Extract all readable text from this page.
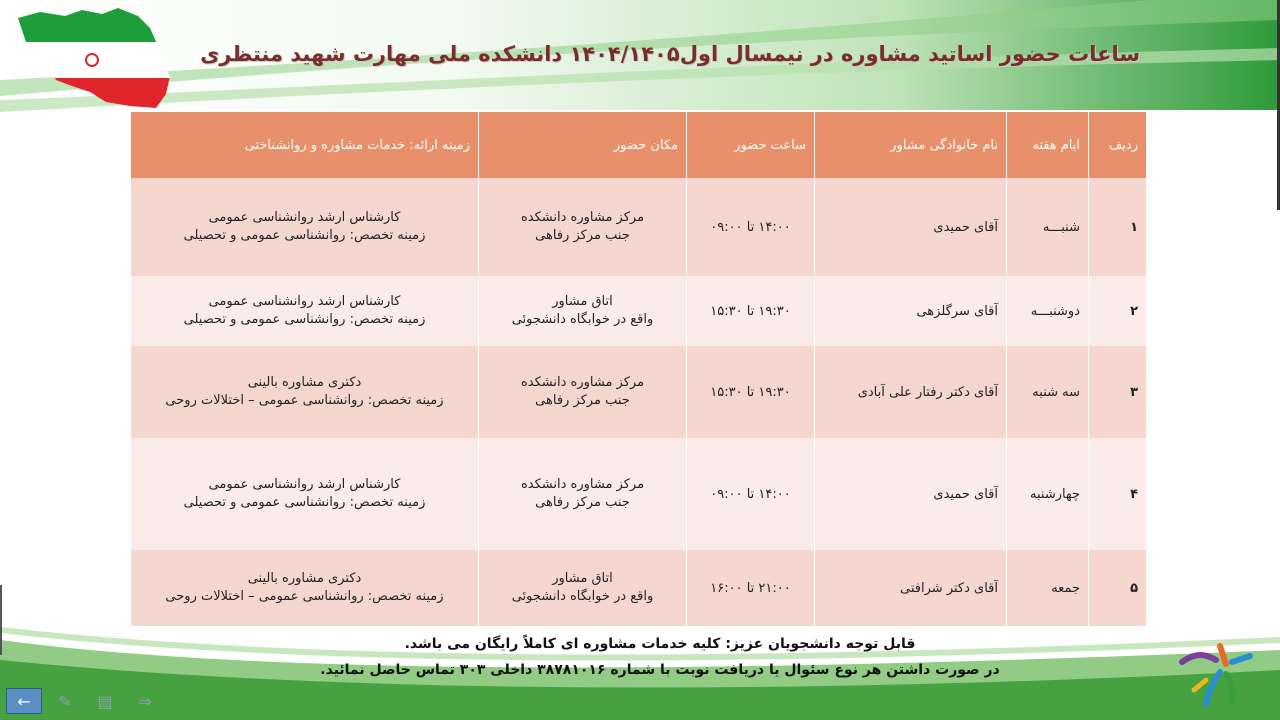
ساعات حضور اساتید مشاوره در نیمسال اول۱۴۰۴/۱۴۰۵ دانشکده ملی مهارت شهید منتظری
ردیف	ایام هفته	نام خانوادگی مشاور	ساعت حضور	مکان حضور	زمینه ارائه: خدمات مشاوره و روانشناختی
۱	شنبـــه	آقای حمیدی	۱۴:۰۰ تا ۰۹:۰۰	مرکز مشاوره دانشکده
جنب مرکز رفاهی	کارشناس ارشد روانشناسی عمومی
زمینه تخصص: روانشناسی عمومی و تحصیلی

۲	دوشنبـــه	آقای سرگلزهی	۱۹:۳۰ تا ۱۵:۳۰	اتاق مشاور
واقع در خوابگاه دانشجوئی	کارشناس ارشد روانشناسی عمومی
زمینه تخصص: روانشناسی عمومی و تحصیلی

۳	سه شنبه	آقای دکتر رفتار علی آبادی	۱۹:۳۰ تا ۱۵:۳۰	مرکز مشاوره دانشکده
جنب مرکز رفاهی	دکتری مشاوره بالینی
زمینه تخصص: روانشناسی عمومی – اختلالات روحی

۴	چهارشنبه	آقای حمیدی	۱۴:۰۰ تا ۰۹:۰۰	مرکز مشاوره دانشکده
جنب مرکز رفاهی	کارشناس ارشد روانشناسی عمومی
زمینه تخصص: روانشناسی عمومی و تحصیلی

۵	جمعه	آقای دکتر شرافتی	۲۱:۰۰ تا ۱۶:۰۰	اتاق مشاور
واقع در خوابگاه دانشجوئی	دکتری مشاوره بالینی
زمینه تخصص: روانشناسی عمومی – اختلالات روحی
قابل توجه دانشجویان عزیز: کلیه خدمات مشاوره ای کاملاً رایگان می باشد.
در صورت داشتن هر نوع سئوال یا دریافت نوبت با شماره ۳۸۷۸۱۰۱۶ داخلی ۳۰۳ تماس حاصل نمائید.
←	✎	▤	⇒
